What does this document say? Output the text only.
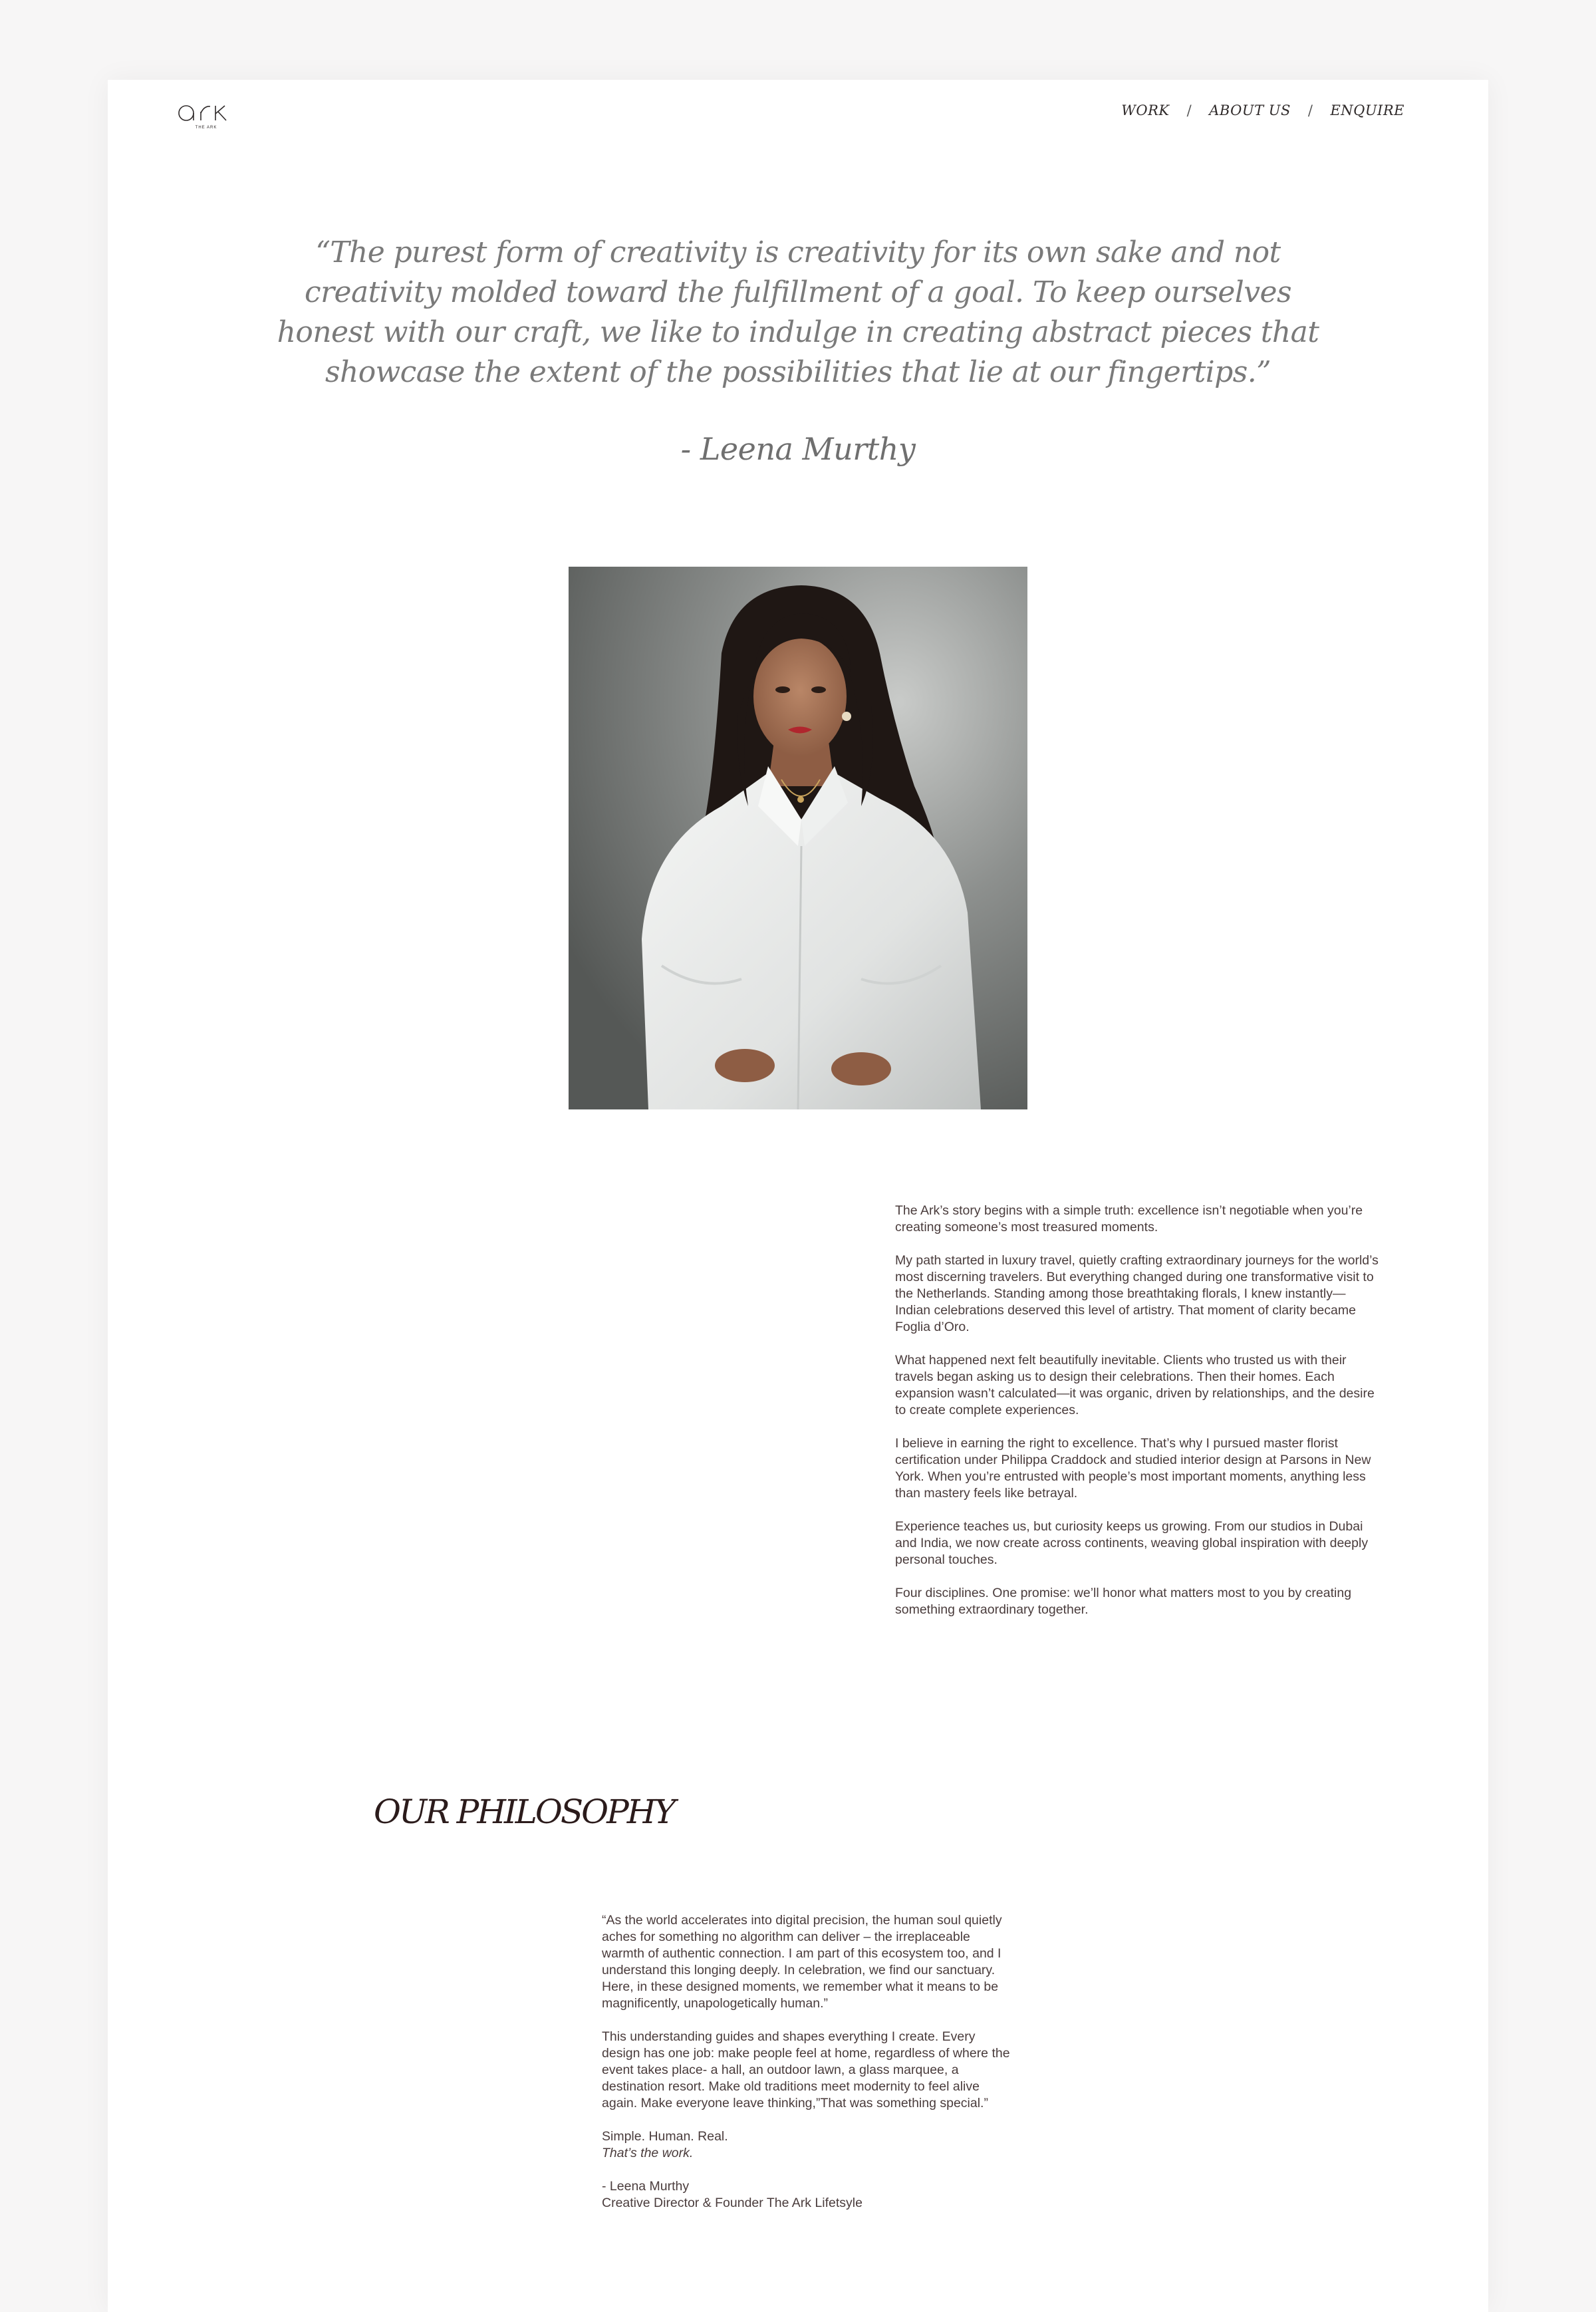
THE ARK
WORK / ABOUT US / ENQUIRE

“The purest form of creativity is creativity for its own sake and not creativity molded toward the fulfillment of a goal. To keep ourselves honest with our craft, we like to indulge in creating abstract pieces that showcase the extent of the possibilities that lie at our fingertips.”

- Leena Murthy

The Ark’s story begins with a simple truth: excellence isn’t negotiable when you’re creating someone’s most treasured moments.

My path started in luxury travel, quietly crafting extraordinary journeys for the world’s most discerning travelers. But everything changed during one transformative visit to the Netherlands. Standing among those breathtaking florals, I knew instantly—Indian celebrations deserved this level of artistry. That moment of clarity became Foglia d’Oro.

What happened next felt beautifully inevitable. Clients who trusted us with their travels began asking us to design their celebrations. Then their homes. Each expansion wasn’t calculated—it was organic, driven by relationships, and the desire to create complete experiences.

I believe in earning the right to excellence. That’s why I pursued master florist certification under Philippa Craddock and studied interior design at Parsons in New York. When you’re entrusted with people’s most important moments, anything less than mastery feels like betrayal.

Experience teaches us, but curiosity keeps us growing. From our studios in Dubai and India, we now create across continents, weaving global inspiration with deeply personal touches.

Four disciplines. One promise: we’ll honor what matters most to you by creating something extraordinary together.

OUR PHILOSOPHY

“As the world accelerates into digital precision, the human soul quietly aches for something no algorithm can deliver – the irreplaceable warmth of authentic connection. I am part of this ecosystem too, and I understand this longing deeply. In celebration, we find our sanctuary. Here, in these designed moments, we remember what it means to be magnificently, unapologetically human.”

This understanding guides and shapes everything I create. Every design has one job: make people feel at home, regardless of where the event takes place- a hall, an outdoor lawn, a glass marquee, a destination resort. Make old traditions meet modernity to feel alive again. Make everyone leave thinking,”That was something special.”

Simple. Human. Real.
That’s the work.

- Leena Murthy
Creative Director & Founder The Ark Lifetsyle
